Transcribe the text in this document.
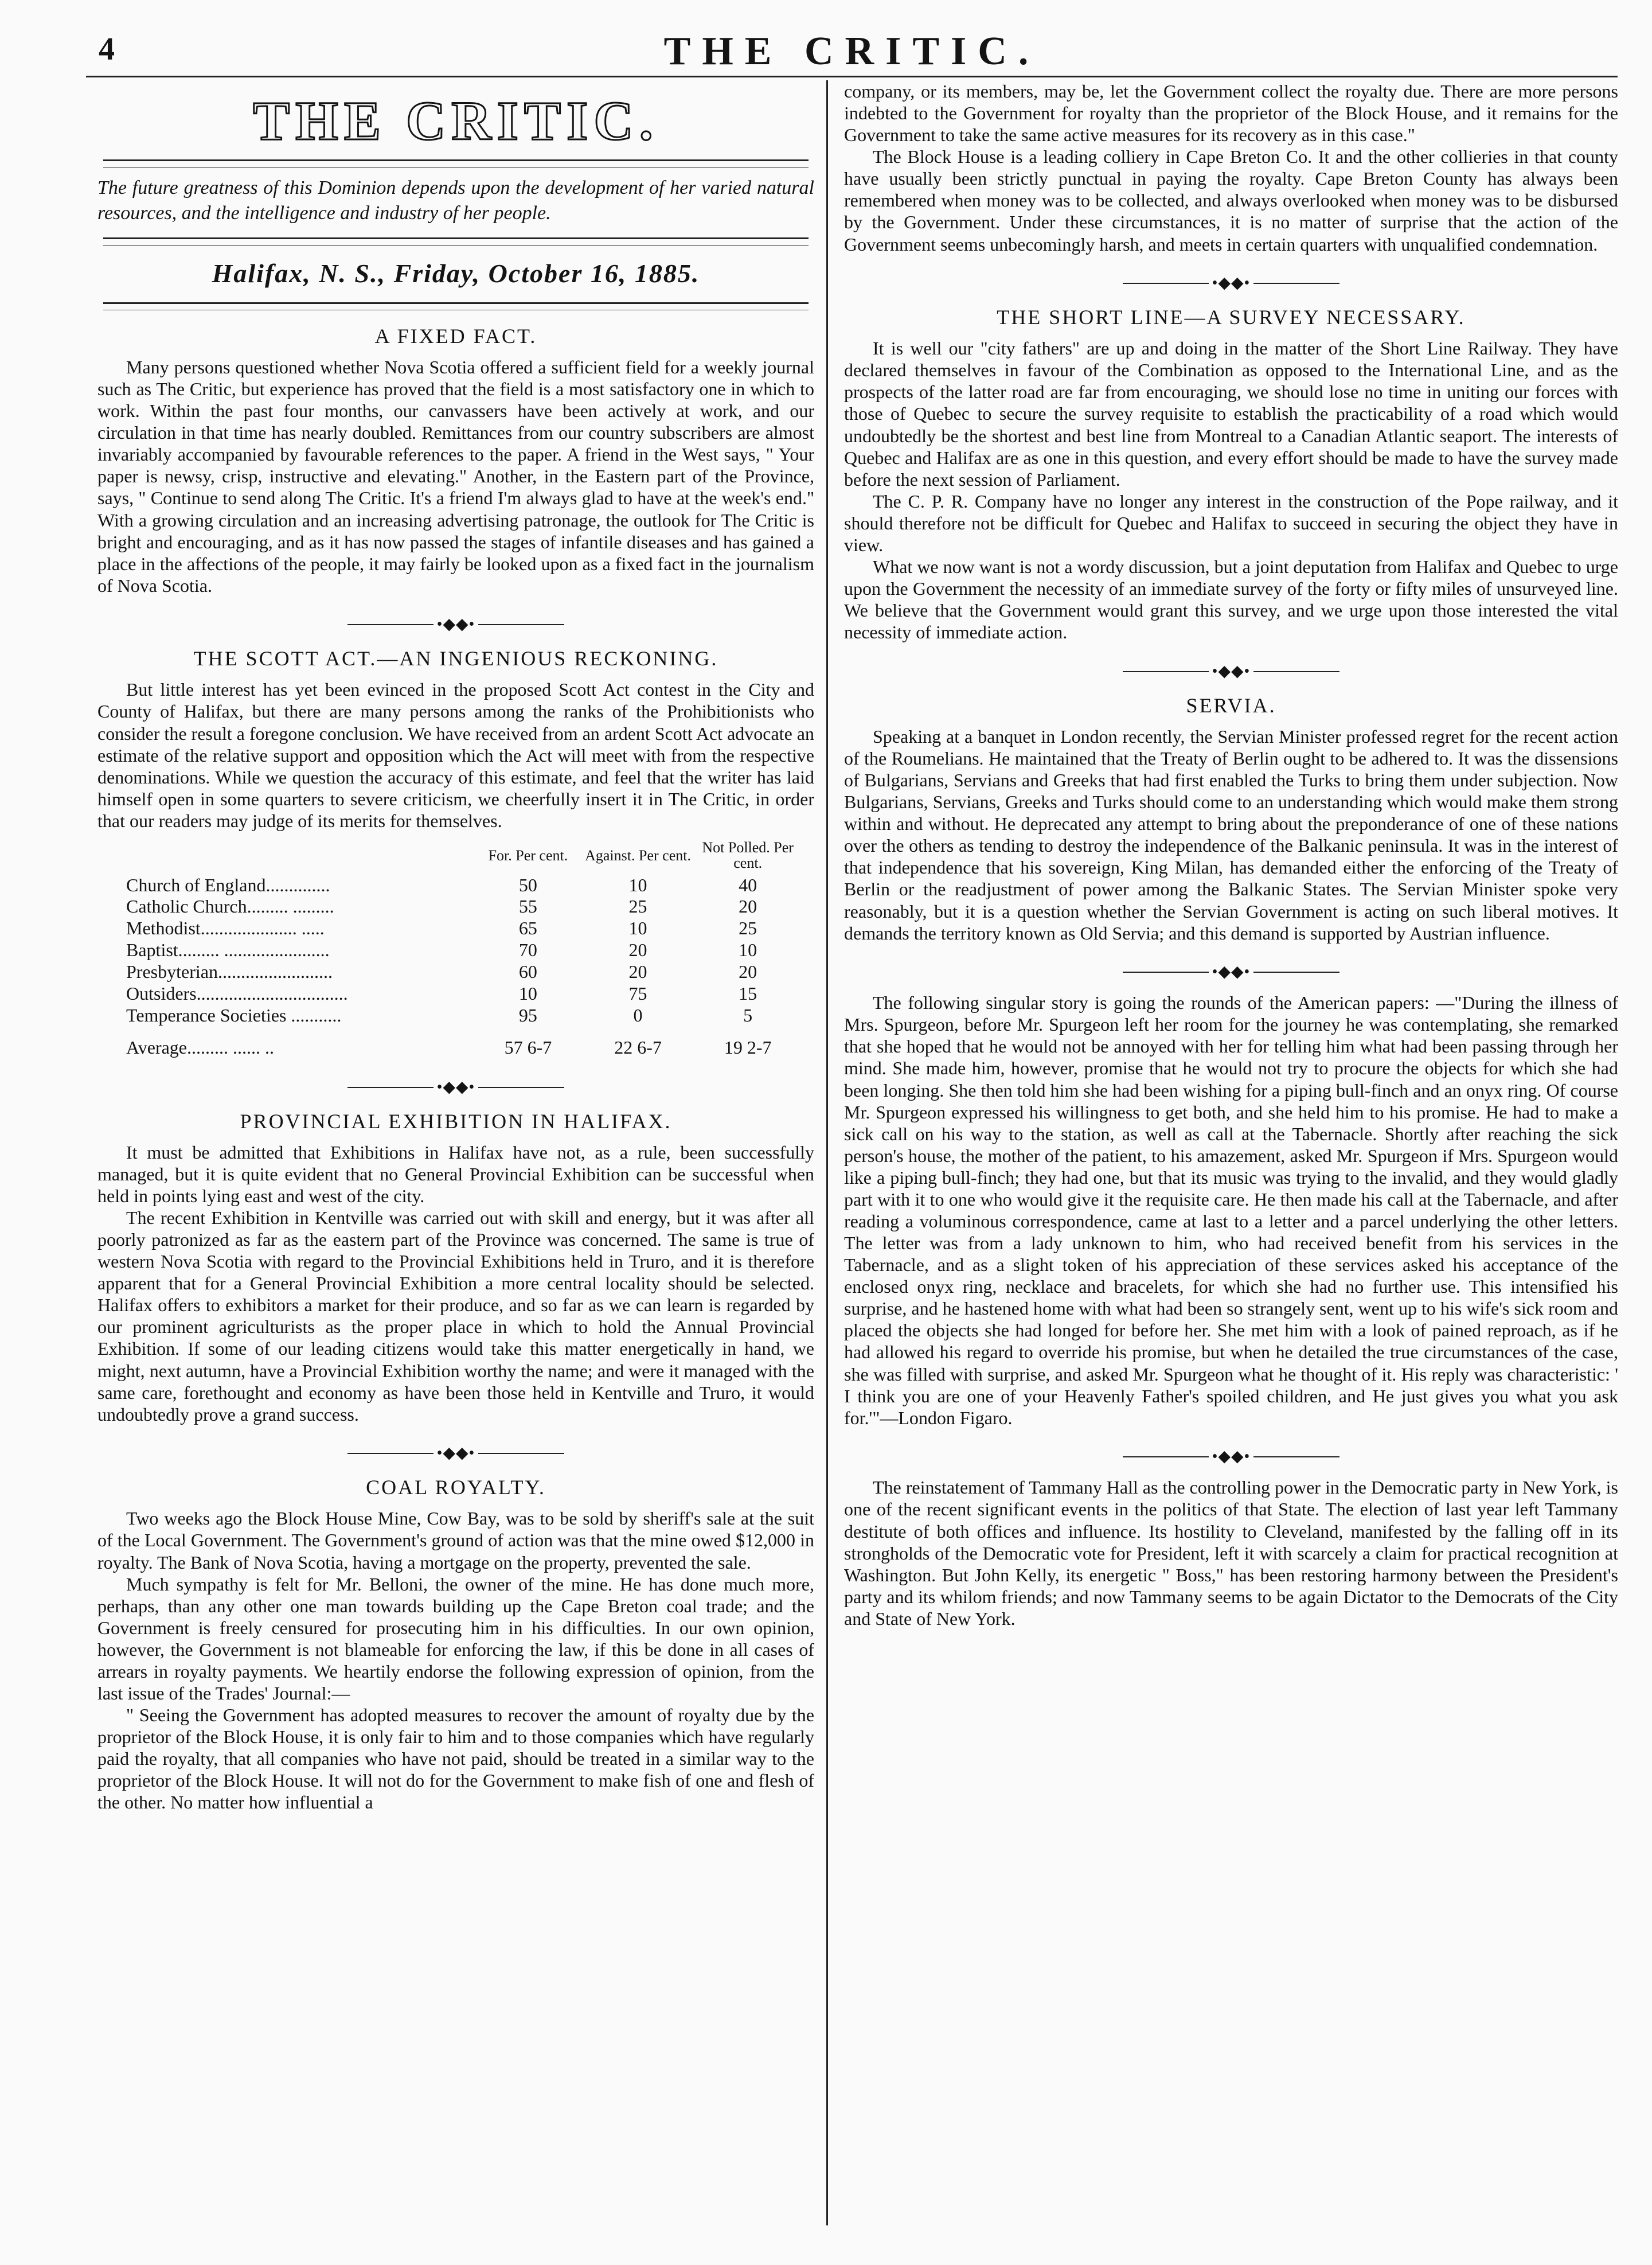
4	THE CRITIC.
THE CRITIC.
The future greatness of this Dominion depends upon the development of her varied natural resources, and the intelligence and industry of her people.
Halifax, N. S., Friday, October 16, 1885.
A FIXED FACT.

Many persons questioned whether Nova Scotia offered a sufficient field for a weekly journal such as The Critic, but experience has proved that the field is a most satisfactory one in which to work. Within the past four months, our canvassers have been actively at work, and our circulation in that time has nearly doubled. Remittances from our country subscribers are almost invariably accompanied by favourable references to the paper. A friend in the West says, " Your paper is newsy, crisp, instructive and elevating." Another, in the Eastern part of the Province, says, " Continue to send along The Critic. It's a friend I'm always glad to have at the week's end." With a growing circulation and an increasing advertising patronage, the outlook for The Critic is bright and encouraging, and as it has now passed the stages of infantile diseases and has gained a place in the affections of the people, it may fairly be looked upon as a fixed fact in the journalism of Nova Scotia.

•◆◆•
THE SCOTT ACT.—AN INGENIOUS RECKONING.

But little interest has yet been evinced in the proposed Scott Act contest in the City and County of Halifax, but there are many persons among the ranks of the Prohibitionists who consider the result a foregone conclusion. We have received from an ardent Scott Act advocate an estimate of the relative support and opposition which the Act will meet with from the respective denominations. While we question the accuracy of this estimate, and feel that the writer has laid himself open in some quarters to severe criticism, we cheerfully insert it in The Critic, in order that our readers may judge of its merits for themselves.

	For. Per cent.	Against. Per cent.	Not Polled. Per cent.
Church of England..............	50	10	40
Catholic Church......... .........	55	25	20
Methodist..................... .....	65	10	25
Baptist......... .......................	70	20	10
Presbyterian.........................	60	20	20
Outsiders.................................	10	75	15
Temperance Societies ...........	95	0	5
Average......... ...... ..	57 6-7	22 6-7	19 2-7
•◆◆•
PROVINCIAL EXHIBITION IN HALIFAX.

It must be admitted that Exhibitions in Halifax have not, as a rule, been successfully managed, but it is quite evident that no General Provincial Exhibition can be successful when held in points lying east and west of the city.

The recent Exhibition in Kentville was carried out with skill and energy, but it was after all poorly patronized as far as the eastern part of the Province was concerned. The same is true of western Nova Scotia with regard to the Provincial Exhibitions held in Truro, and it is therefore apparent that for a General Provincial Exhibition a more central locality should be selected. Halifax offers to exhibitors a market for their produce, and so far as we can learn is regarded by our prominent agriculturists as the proper place in which to hold the Annual Provincial Exhibition. If some of our leading citizens would take this matter energetically in hand, we might, next autumn, have a Provincial Exhibition worthy the name; and were it managed with the same care, forethought and economy as have been those held in Kentville and Truro, it would undoubtedly prove a grand success.

•◆◆•
COAL ROYALTY.

Two weeks ago the Block House Mine, Cow Bay, was to be sold by sheriff's sale at the suit of the Local Government. The Government's ground of action was that the mine owed $12,000 in royalty. The Bank of Nova Scotia, having a mortgage on the property, prevented the sale.

Much sympathy is felt for Mr. Belloni, the owner of the mine. He has done much more, perhaps, than any other one man towards building up the Cape Breton coal trade; and the Government is freely censured for prosecuting him in his difficulties. In our own opinion, however, the Government is not blameable for enforcing the law, if this be done in all cases of arrears in royalty payments. We heartily endorse the following expression of opinion, from the last issue of the Trades' Journal:—

" Seeing the Government has adopted measures to recover the amount of royalty due by the proprietor of the Block House, it is only fair to him and to those companies which have regularly paid the royalty, that all companies who have not paid, should be treated in a similar way to the proprietor of the Block House. It will not do for the Government to make fish of one and flesh of the other. No matter how influential a

company, or its members, may be, let the Government collect the royalty due. There are more persons indebted to the Government for royalty than the proprietor of the Block House, and it remains for the Government to take the same active measures for its recovery as in this case."

The Block House is a leading colliery in Cape Breton Co. It and the other collieries in that county have usually been strictly punctual in paying the royalty. Cape Breton County has always been remembered when money was to be collected, and always overlooked when money was to be disbursed by the Government. Under these circumstances, it is no matter of surprise that the action of the Government seems unbecomingly harsh, and meets in certain quarters with unqualified condemnation.

•◆◆•
THE SHORT LINE—A SURVEY NECESSARY.

It is well our "city fathers" are up and doing in the matter of the Short Line Railway. They have declared themselves in favour of the Combination as opposed to the International Line, and as the prospects of the latter road are far from encouraging, we should lose no time in uniting our forces with those of Quebec to secure the survey requisite to establish the practicability of a road which would undoubtedly be the shortest and best line from Montreal to a Canadian Atlantic seaport. The interests of Quebec and Halifax are as one in this question, and every effort should be made to have the survey made before the next session of Parliament.

The C. P. R. Company have no longer any interest in the construction of the Pope railway, and it should therefore not be difficult for Quebec and Halifax to succeed in securing the object they have in view.

What we now want is not a wordy discussion, but a joint deputation from Halifax and Quebec to urge upon the Government the necessity of an immediate survey of the forty or fifty miles of unsurveyed line. We believe that the Government would grant this survey, and we urge upon those interested the vital necessity of immediate action.

•◆◆•
SERVIA.

Speaking at a banquet in London recently, the Servian Minister professed regret for the recent action of the Roumelians. He maintained that the Treaty of Berlin ought to be adhered to. It was the dissensions of Bulgarians, Servians and Greeks that had first enabled the Turks to bring them under subjection. Now Bulgarians, Servians, Greeks and Turks should come to an understanding which would make them strong within and without. He deprecated any attempt to bring about the preponderance of one of these nations over the others as tending to destroy the independence of the Balkanic peninsula. It was in the interest of that independence that his sovereign, King Milan, has demanded either the enforcing of the Treaty of Berlin or the readjustment of power among the Balkanic States. The Servian Minister spoke very reasonably, but it is a question whether the Servian Government is acting on such liberal motives. It demands the territory known as Old Servia; and this demand is supported by Austrian influence.

•◆◆•

The following singular story is going the rounds of the American papers: —"During the illness of Mrs. Spurgeon, before Mr. Spurgeon left her room for the journey he was contemplating, she remarked that she hoped that he would not be annoyed with her for telling him what had been passing through her mind. She made him, however, promise that he would not try to procure the objects for which she had been longing. She then told him she had been wishing for a piping bull-finch and an onyx ring. Of course Mr. Spurgeon expressed his willingness to get both, and she held him to his promise. He had to make a sick call on his way to the station, as well as call at the Tabernacle. Shortly after reaching the sick person's house, the mother of the patient, to his amazement, asked Mr. Spurgeon if Mrs. Spurgeon would like a piping bull-finch; they had one, but that its music was trying to the invalid, and they would gladly part with it to one who would give it the requisite care. He then made his call at the Tabernacle, and after reading a voluminous correspondence, came at last to a letter and a parcel underlying the other letters. The letter was from a lady unknown to him, who had received benefit from his services in the Tabernacle, and as a slight token of his appreciation of these services asked his acceptance of the enclosed onyx ring, necklace and bracelets, for which she had no further use. This intensified his surprise, and he hastened home with what had been so strangely sent, went up to his wife's sick room and placed the objects she had longed for before her. She met him with a look of pained reproach, as if he had allowed his regard to override his promise, but when he detailed the true circumstances of the case, she was filled with surprise, and asked Mr. Spurgeon what he thought of it. His reply was characteristic: ' I think you are one of your Heavenly Father's spoiled children, and He just gives you what you ask for.'"—London Figaro.

•◆◆•

The reinstatement of Tammany Hall as the controlling power in the Democratic party in New York, is one of the recent significant events in the politics of that State. The election of last year left Tammany destitute of both offices and influence. Its hostility to Cleveland, manifested by the falling off in its strongholds of the Democratic vote for President, left it with scarcely a claim for practical recognition at Washington. But John Kelly, its energetic " Boss," has been restoring harmony between the President's party and its whilom friends; and now Tammany seems to be again Dictator to the Democrats of the City and State of New York.
